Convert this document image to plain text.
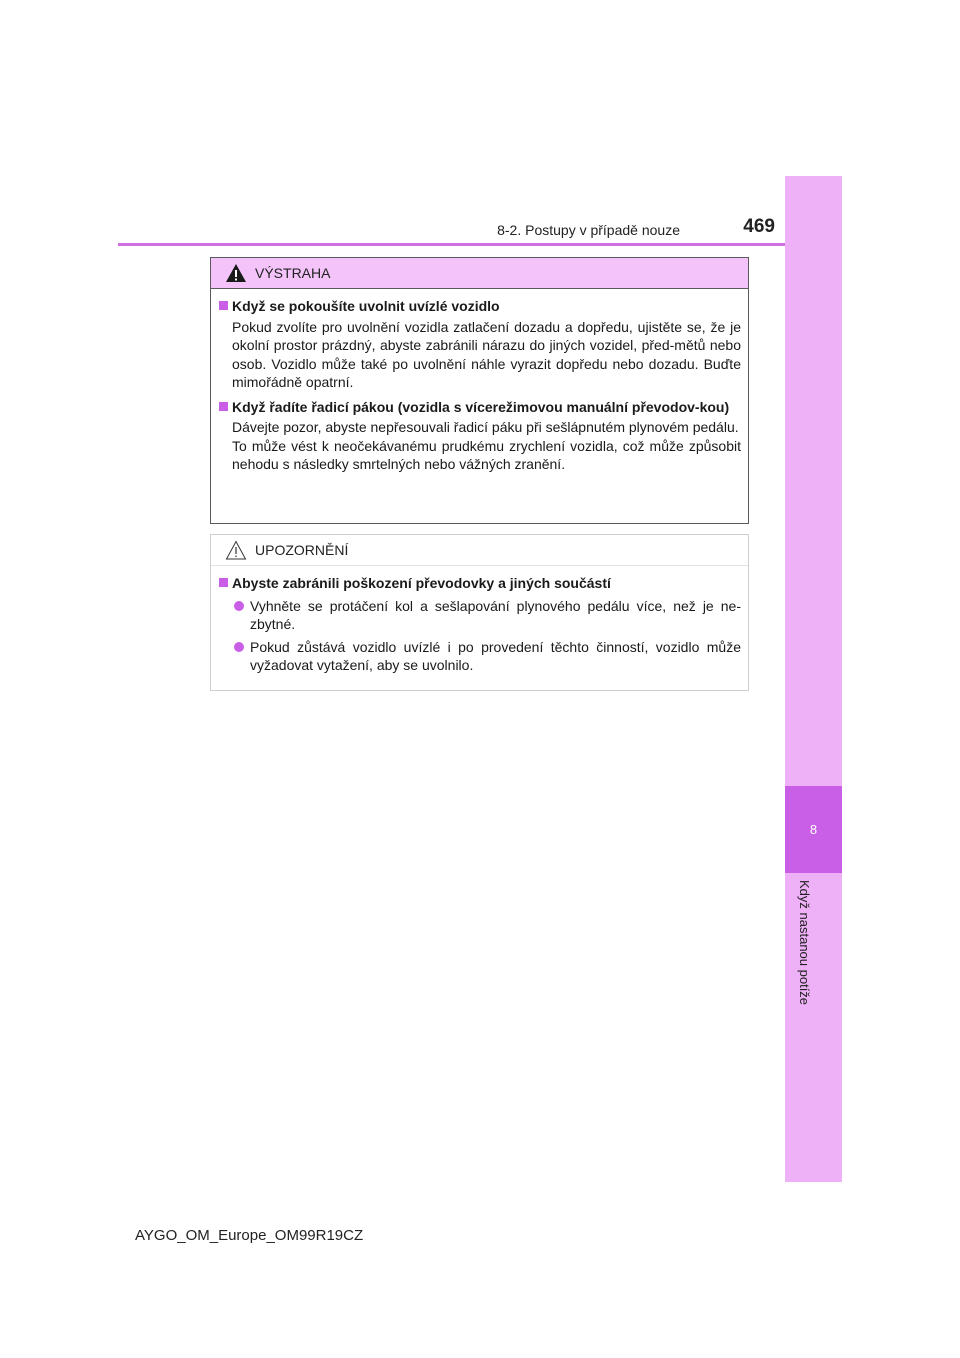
8-2. Postupy v případě nouze	469
8
Když nastanou potíže
VÝSTRAHA
Když se pokoušíte uvolnit uvízlé vozidlo
Pokud zvolíte pro uvolnění vozidla zatlačení dozadu a dopředu, ujistěte se, že je okolní prostor prázdný, abyste zabránili nárazu do jiných vozidel, před-mětů nebo osob. Vozidlo může také po uvolnění náhle vyrazit dopředu nebo dozadu. Buďte mimořádně opatrní.
Když řadíte řadicí pákou (vozidla s vícerežimovou manuální převodov-kou)
Dávejte pozor, abyste nepřesouvali řadicí páku při sešlápnutém plynovém pedálu.
To může vést k neočekávanému prudkému zrychlení vozidla, což může způsobit nehodu s následky smrtelných nebo vážných zranění.
UPOZORNĚNÍ
Abyste zabránili poškození převodovky a jiných součástí
Vyhněte se protáčení kol a sešlapování plynového pedálu více, než je ne-zbytné.
Pokud zůstává vozidlo uvízlé i po provedení těchto činností, vozidlo může vyžadovat vytažení, aby se uvolnilo.
AYGO_OM_Europe_OM99R19CZ
